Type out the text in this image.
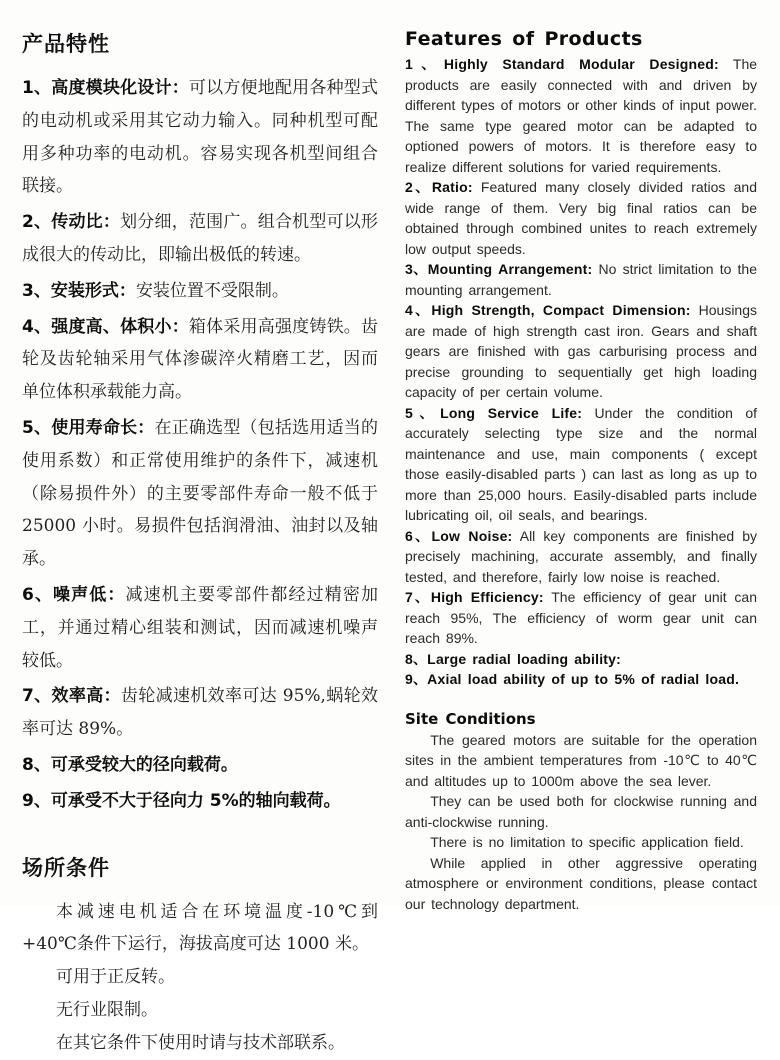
产品特性

1、高度模块化设计：可以方便地配用各种型式的电动机或采用其它动力输入。同种机型可配用多种功率的电动机。容易实现各机型间组合联接。

2、传动比：划分细，范围广。组合机型可以形成很大的传动比，即输出极低的转速。

3、安装形式：安装位置不受限制。

4、强度高、体积小：箱体采用高强度铸铁。齿轮及齿轮轴采用气体渗碳淬火精磨工艺，因而单位体积承载能力高。

5、使用寿命长：在正确选型（包括选用适当的使用系数）和正常使用维护的条件下，减速机（除易损件外）的主要零部件寿命一般不低于 25000 小时。易损件包括润滑油、油封以及轴承。

6、噪声低：减速机主要零部件都经过精密加工，并通过精心组装和测试，因而减速机噪声较低。

7、效率高：齿轮减速机效率可达 95%,蜗轮效率可达 89%。

8、可承受较大的径向载荷。

9、可承受不大于径向力 5%的轴向载荷。

场所条件

本减速电机适合在环境温度-10℃到+40℃条件下运行，海拔高度可达 1000 米。

可用于正反转。

无行业限制。

在其它条件下使用时请与技术部联系。

Features of Products

1、Highly Standard Modular Designed: The products are easily connected with and driven by different types of motors or other kinds of input power. The same type geared motor can be adapted to optioned powers of motors. It is therefore easy to realize different solutions for varied requirements.

2、Ratio: Featured many closely divided ratios and wide range of them. Very big final ratios can be obtained through combined unites to reach extremely low output speeds.

3、Mounting Arrangement: No strict limitation to the mounting arrangement.

4、High Strength, Compact Dimension: Housings are made of high strength cast iron. Gears and shaft gears are finished with gas carburising process and precise grounding to sequentially get high loading capacity of per certain volume.

5、Long Service Life: Under the condition of accurately selecting type size and the normal maintenance and use, main components ( except those easily-disabled parts ) can last as long as up to more than 25,000 hours. Easily-disabled parts include lubricating oil, oil seals, and bearings.

6、Low Noise: All key components are finished by precisely machining, accurate assembly, and finally tested, and therefore, fairly low noise is reached.

7、High Efficiency: The efficiency of gear unit can reach 95%, The efficiency of worm gear unit can reach 89%.

8、Large radial loading ability:

9、Axial load ability of up to 5% of radial load.

Site Conditions

The geared motors are suitable for the operation sites in the ambient temperatures from -10℃ to 40℃ and altitudes up to 1000m above the sea lever.

They can be used both for clockwise running and anti-clockwise running.

There is no limitation to specific application field.

While applied in other aggressive operating atmosphere or environment conditions, please contact our technology department.
